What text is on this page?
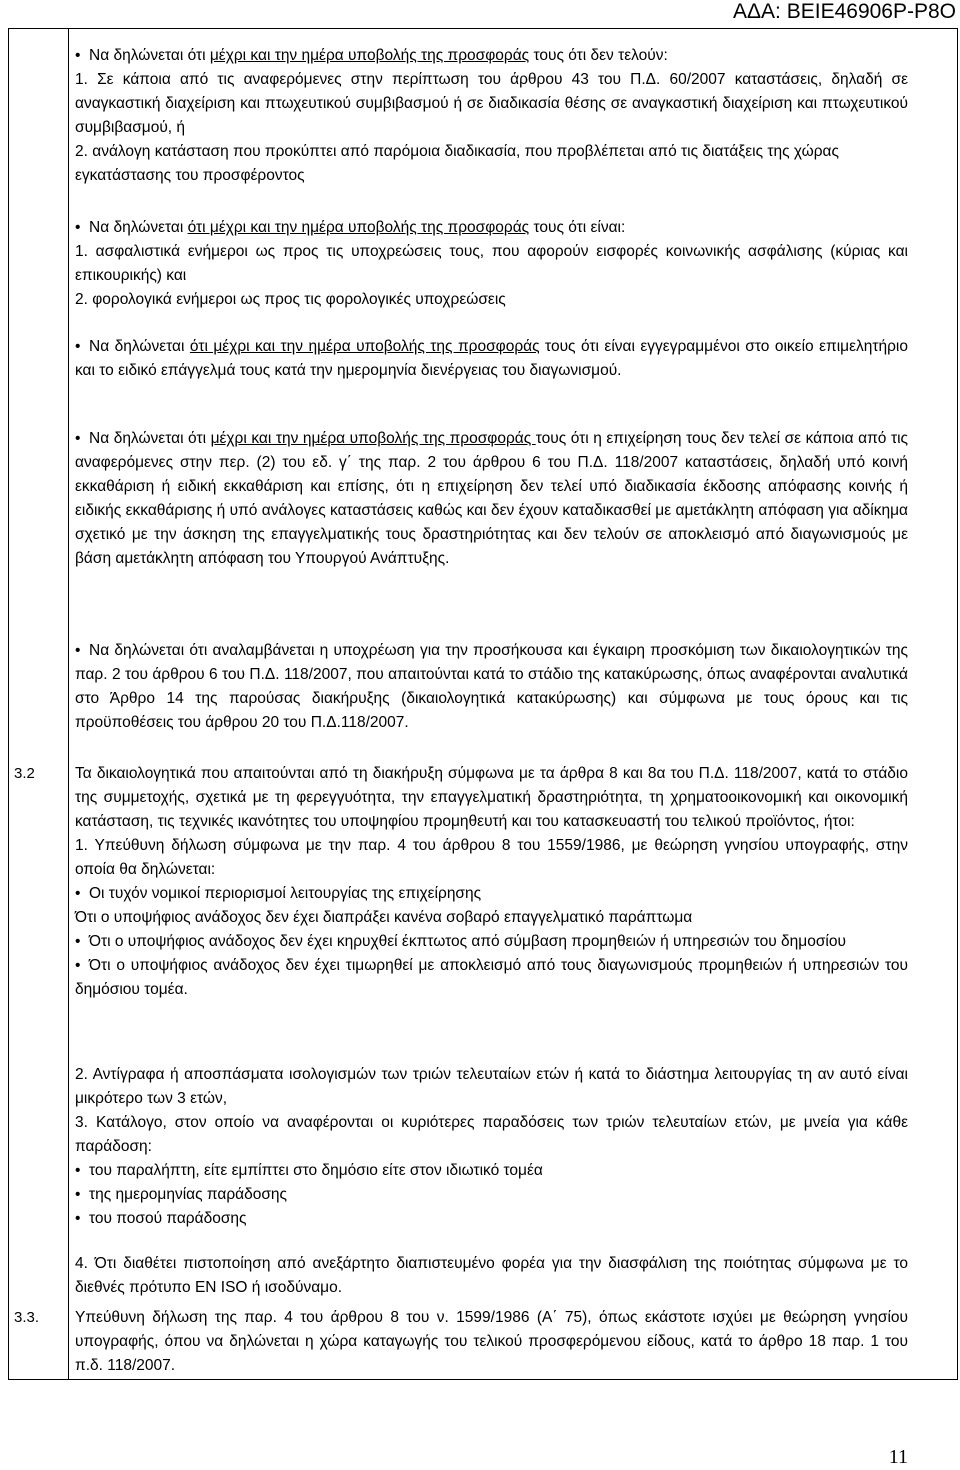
ΑΔΑ: ΒΕΙΕ46906Ρ-Ρ8Ο
3.2
3.3.

• Να δηλώνεται ότι μέχρι και την ημέρα υποβολής της προσφοράς τους ότι δεν τελούν:

1. Σε κάποια από τις αναφερόμενες στην περίπτωση του άρθρου 43 του Π.Δ. 60/2007 καταστάσεις, δηλαδή σε αναγκαστική διαχείριση και πτωχευτικού συμβιβασμού ή σε διαδικασία θέσης σε αναγκαστική διαχείριση και πτωχευτικού συμβιβασμού, ή

2. ανάλογη κατάσταση που προκύπτει από παρόμοια διαδικασία, που προβλέπεται από τις διατάξεις της χώρας εγκατάστασης του προσφέροντος

• Να δηλώνεται ότι μέχρι και την ημέρα υποβολής της προσφοράς τους ότι είναι:

1. ασφαλιστικά ενήμεροι ως προς τις υποχρεώσεις τους, που αφορούν εισφορές κοινωνικής ασφάλισης (κύριας και επικουρικής) και

2. φορολογικά ενήμεροι ως προς τις φορολογικές υποχρεώσεις

• Να δηλώνεται ότι μέχρι και την ημέρα υποβολής της προσφοράς τους ότι είναι εγγεγραμμένοι στο οικείο επιμελητήριο και το ειδικό επάγγελμά τους κατά την ημερομηνία διενέργειας του διαγωνισμού.

• Να δηλώνεται ότι μέχρι και την ημέρα υποβολής της προσφοράς τους ότι η επιχείρηση τους δεν τελεί σε κάποια από τις αναφερόμενες στην περ. (2) του εδ. γ΄ της παρ. 2 του άρθρου 6 του Π.Δ. 118/2007 καταστάσεις, δηλαδή υπό κοινή εκκαθάριση ή ειδική εκκαθάριση και επίσης, ότι η επιχείρηση δεν τελεί υπό διαδικασία έκδοσης απόφασης κοινής ή ειδικής εκκαθάρισης ή υπό ανάλογες καταστάσεις καθώς και δεν έχουν καταδικασθεί με αμετάκλητη απόφαση για αδίκημα σχετικό με την άσκηση της επαγγελματικής τους δραστηριότητας και δεν τελούν σε αποκλεισμό από διαγωνισμούς με βάση αμετάκλητη απόφαση του Υπουργού Ανάπτυξης.

• Να δηλώνεται ότι αναλαμβάνεται η υποχρέωση για την προσήκουσα και έγκαιρη προσκόμιση των δικαιολογητικών της παρ. 2 του άρθρου 6 του Π.Δ. 118/2007, που απαιτούνται κατά το στάδιο της κατακύρωσης, όπως αναφέρονται αναλυτικά στο Άρθρο 14 της παρούσας διακήρυξης (δικαιολογητικά κατακύρωσης) και σύμφωνα με τους όρους και τις προϋποθέσεις του άρθρου 20 του Π.Δ.118/2007.

Τα δικαιολογητικά που απαιτούνται από τη διακήρυξη σύμφωνα με τα άρθρα 8 και 8α του Π.Δ. 118/2007, κατά το στάδιο της συμμετοχής, σχετικά με τη φερεγγυότητα, την επαγγελματική δραστηριότητα, τη χρηματοοικονομική και οικονομική κατάσταση, τις τεχνικές ικανότητες του υποψηφίου προμηθευτή και του κατασκευαστή του τελικού προϊόντος, ήτοι:

1. Υπεύθυνη δήλωση σύμφωνα με την παρ. 4 του άρθρου 8 του 1559/1986, με θεώρηση γνησίου υπογραφής, στην οποία θα δηλώνεται:

• Οι τυχόν νομικοί περιορισμοί λειτουργίας της επιχείρησης

Ότι ο υποψήφιος ανάδοχος δεν έχει διαπράξει κανένα σοβαρό επαγγελματικό παράπτωμα

• Ότι ο υποψήφιος ανάδοχος δεν έχει κηρυχθεί έκπτωτος από σύμβαση προμηθειών ή υπηρεσιών του δημοσίου

• Ότι ο υποψήφιος ανάδοχος δεν έχει τιμωρηθεί με αποκλεισμό από τους διαγωνισμούς προμηθειών ή υπηρεσιών του δημόσιου τομέα.

2. Αντίγραφα ή αποσπάσματα ισολογισμών των τριών τελευταίων ετών ή κατά το διάστημα λειτουργίας τη αν αυτό είναι μικρότερο των 3 ετών,

3. Κατάλογο, στον οποίο να αναφέρονται οι κυριότερες παραδόσεις των τριών τελευταίων ετών, με μνεία για κάθε παράδοση:

• του παραλήπτη, είτε εμπίπτει στο δημόσιο είτε στον ιδιωτικό τομέα

• της ημερομηνίας παράδοσης

• του ποσού παράδοσης

4. Ότι διαθέτει πιστοποίηση από ανεξάρτητο διαπιστευμένο φορέα για την διασφάλιση της ποιότητας σύμφωνα με το διεθνές πρότυπο EN ISO ή ισοδύναμο.

Υπεύθυνη δήλωση της παρ. 4 του άρθρου 8 του ν. 1599/1986 (Α΄ 75), όπως εκάστοτε ισχύει με θεώρηση γνησίου υπογραφής, όπου να δηλώνεται η χώρα καταγωγής του τελικού προσφερόμενου είδους, κατά το άρθρο 18 παρ. 1 του π.δ. 118/2007.

11
